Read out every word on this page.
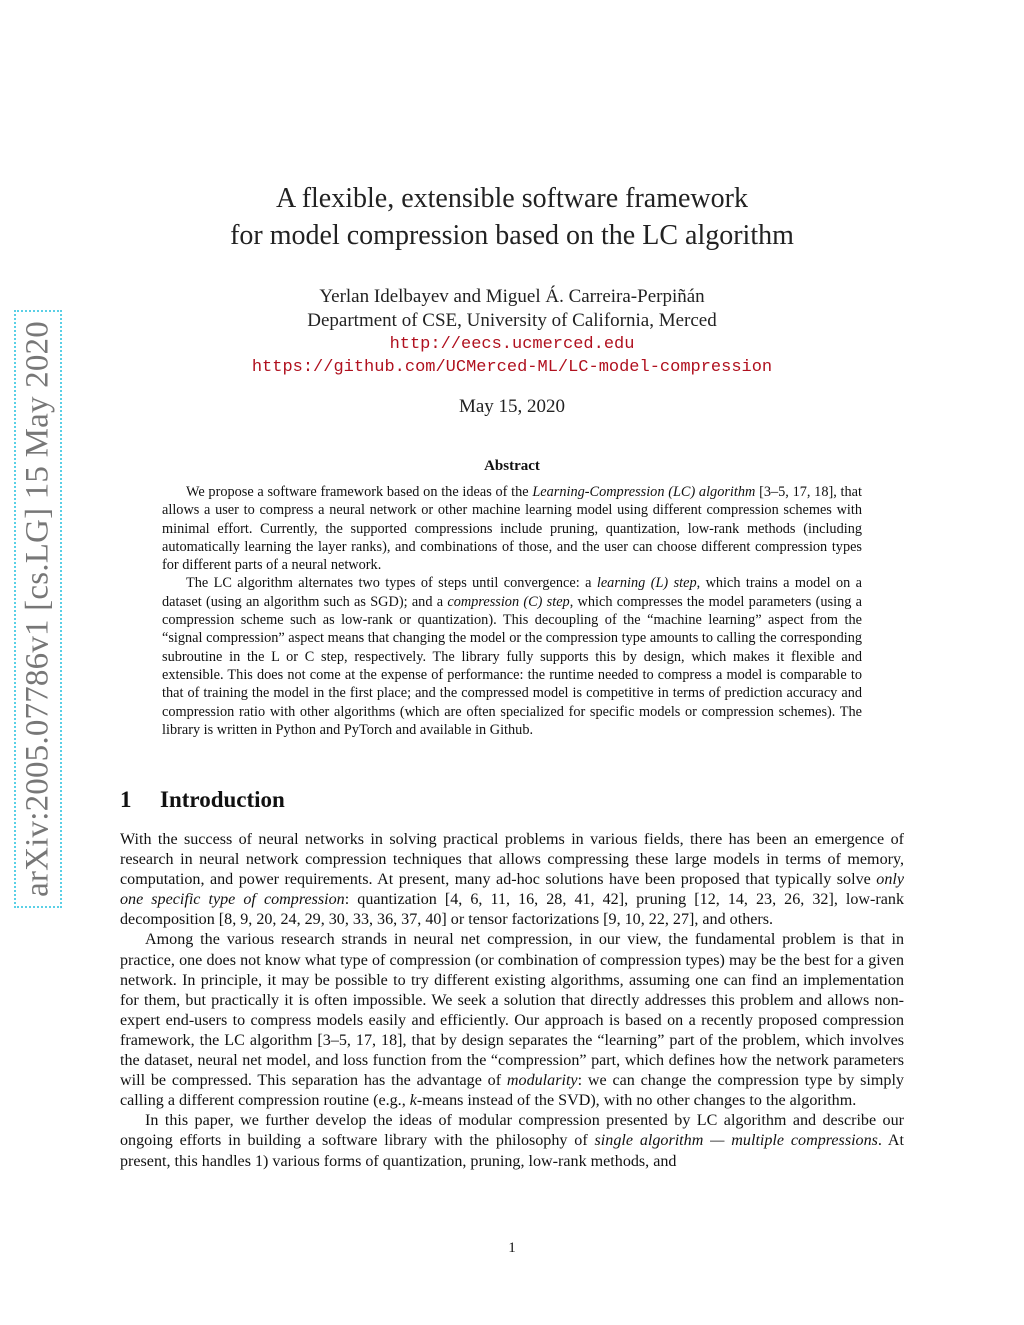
arXiv:2005.07786v1 [cs.LG] 15 May 2020
A flexible, extensible software framework
for model compression based on the LC algorithm
Yerlan Idelbayev and Miguel Á. Carreira-Perpiñán
Department of CSE, University of California, Merced
http://eecs.ucmerced.edu
https://github.com/UCMerced-ML/LC-model-compression
May 15, 2020
Abstract

We propose a software framework based on the ideas of the Learning-Compression (LC) algorithm [3–5, 17, 18], that allows a user to compress a neural network or other machine learning model using different compression schemes with minimal effort. Currently, the supported compressions include pruning, quantization, low-rank methods (including automatically learning the layer ranks), and combinations of those, and the user can choose different compression types for different parts of a neural network.

The LC algorithm alternates two types of steps until convergence: a learning (L) step, which trains a model on a dataset (using an algorithm such as SGD); and a compression (C) step, which compresses the model parameters (using a compression scheme such as low-rank or quantization). This decoupling of the “machine learning” aspect from the “signal compression” aspect means that changing the model or the compression type amounts to calling the corresponding subroutine in the L or C step, respectively. The library fully supports this by design, which makes it flexible and extensible. This does not come at the expense of performance: the runtime needed to compress a model is comparable to that of training the model in the first place; and the compressed model is competitive in terms of prediction accuracy and compression ratio with other algorithms (which are often specialized for specific models or compression schemes). The library is written in Python and PyTorch and available in Github.

1 Introduction

With the success of neural networks in solving practical problems in various fields, there has been an emergence of research in neural network compression techniques that allows compressing these large models in terms of memory, computation, and power requirements. At present, many ad-hoc solutions have been proposed that typically solve only one specific type of compression: quantization [4, 6, 11, 16, 28, 41, 42], pruning [12, 14, 23, 26, 32], low-rank decomposition [8, 9, 20, 24, 29, 30, 33, 36, 37, 40] or tensor factorizations [9, 10, 22, 27], and others.

Among the various research strands in neural net compression, in our view, the fundamental problem is that in practice, one does not know what type of compression (or combination of compression types) may be the best for a given network. In principle, it may be possible to try different existing algorithms, assuming one can find an implementation for them, but practically it is often impossible. We seek a solution that directly addresses this problem and allows non-expert end-users to compress models easily and efficiently. Our approach is based on a recently proposed compression framework, the LC algorithm [3–5, 17, 18], that by design separates the “learning” part of the problem, which involves the dataset, neural net model, and loss function from the “compression” part, which defines how the network parameters will be compressed. This separation has the advantage of modularity: we can change the compression type by simply calling a different compression routine (e.g., k-means instead of the SVD), with no other changes to the algorithm.

In this paper, we further develop the ideas of modular compression presented by LC algorithm and describe our ongoing efforts in building a software library with the philosophy of single algorithm — multiple compressions. At present, this handles 1) various forms of quantization, pruning, low-rank methods, and

1
